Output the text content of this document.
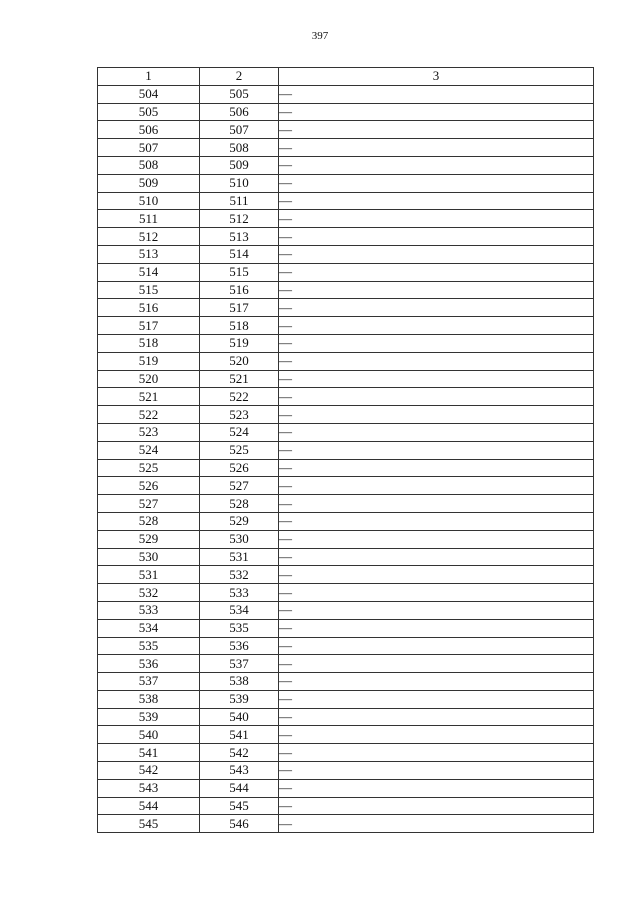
397
1	2	3
504	505	—
505	506	—
506	507	—
507	508	—
508	509	—
509	510	—
510	511	—
511	512	—
512	513	—
513	514	—
514	515	—
515	516	—
516	517	—
517	518	—
518	519	—
519	520	—
520	521	—
521	522	—
522	523	—
523	524	—
524	525	—
525	526	—
526	527	—
527	528	—
528	529	—
529	530	—
530	531	—
531	532	—
532	533	—
533	534	—
534	535	—
535	536	—
536	537	—
537	538	—
538	539	—
539	540	—
540	541	—
541	542	—
542	543	—
543	544	—
544	545	—
545	546	—
